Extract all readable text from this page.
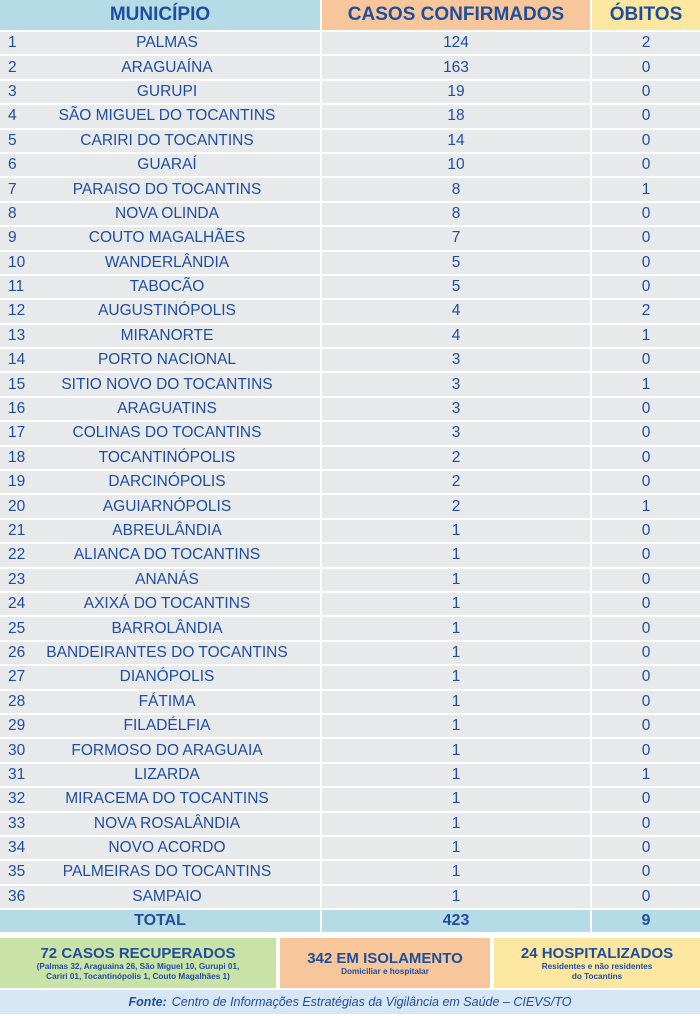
MUNICÍPIO	CASOS CONFIRMADOS	ÓBITOS

1 PALMAS	124	2

2 ARAGUAÍNA	163	0

3 GURUPI	19	0

4 SÃO MIGUEL DO TOCANTINS	18	0

5 CARIRI DO TOCANTINS	14	0

6 GUARAÍ	10	0

7 PARAISO DO TOCANTINS	8	1

8 NOVA OLINDA	8	0

9 COUTO MAGALHÃES	7	0

10 WANDERLÂNDIA	5	0

11 TABOCÃO	5	0

12 AUGUSTINÓPOLIS	4	2

13 MIRANORTE	4	1

14 PORTO NACIONAL	3	0

15 SITIO NOVO DO TOCANTINS	3	1

16 ARAGUATINS	3	0

17 COLINAS DO TOCANTINS	3	0

18 TOCANTINÓPOLIS	2	0

19 DARCINÓPOLIS	2	0

20 AGUIARNÓPOLIS	2	1

21 ABREULÂNDIA	1	0

22 ALIANCA DO TOCANTINS	1	0

23 ANANÁS	1	0

24 AXIXÁ DO TOCANTINS	1	0

25 BARROLÂNDIA	1	0

26 BANDEIRANTES DO TOCANTINS	1	0

27 DIANÓPOLIS	1	0

28 FÁTIMA	1	0

29 FILADÉLFIA	1	0

30 FORMOSO DO ARAGUAIA	1	0

31 LIZARDA	1	1

32 MIRACEMA DO TOCANTINS	1	0

33 NOVA ROSALÂNDIA	1	0

34 NOVO ACORDO	1	0

35 PALMEIRAS DO TOCANTINS	1	0

36 SAMPAIO	1	0
TOTAL	423	9
72 CASOS RECUPERADOS
(Palmas 32, Araguaina 26, São Miguel 10, Gurupi 01,
Cariri 01, Tocantinópolis 1, Couto Magalhães 1)
342 EM ISOLAMENTO
Domiciliar e hospitalar
24 HOSPITALIZADOS
Residentes e não residentes
do Tocantins
Fonte: Centro de Informações Estratégias da Vigilância em Saúde – CIEVS/TO
